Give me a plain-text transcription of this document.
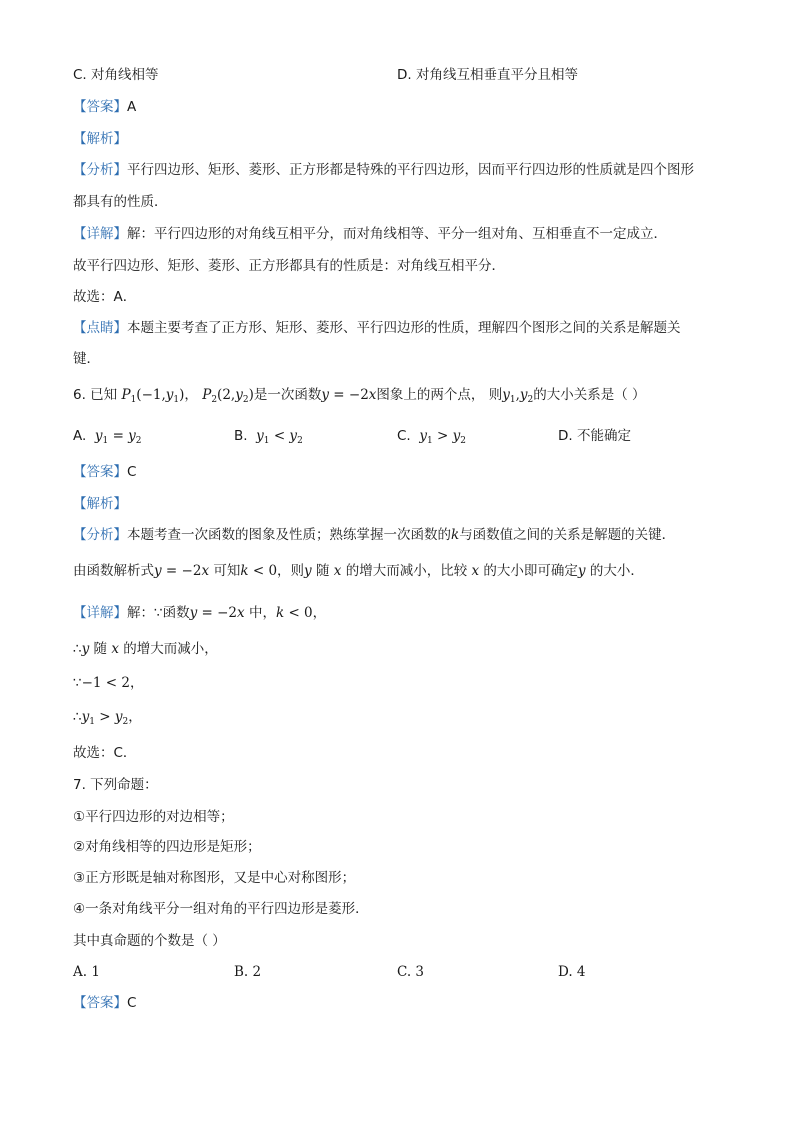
C. 对角线相等	D. 对角线互相垂直平分且相等
【答案】A
【解析】
【分析】平行四边形、矩形、菱形、正方形都是特殊的平行四边形，因而平行四边形的性质就是四个图形
都具有的性质．
【详解】解：平行四边形的对角线互相平分，而对角线相等、平分一组对角、互相垂直不一定成立．
故平行四边形、矩形、菱形、正方形都具有的性质是：对角线互相平分．
故选：A．
【点睛】本题主要考查了正方形、矩形、菱形、平行四边形的性质，理解四个图形之间的关系是解题关
键．
6. 已知 $P_1(-1,y_1)$， $P_2(2,y_2)$是一次函数y = −2x图象上的两个点， 则$y_1,y_2$的大小关系是（ ）
A. $y_1 = y_2$	B. $y_1 < y_2$	C. $y_1 > y_2$	D. 不能确定
【答案】C
【解析】
【分析】本题考查一次函数的图象及性质；熟练掌握一次函数的k与函数值之间的关系是解题的关键．
由函数解析式y = −2x 可知k < 0，则y 随 x 的增大而减小，比较 x 的大小即可确定y 的大小．
【详解】解：∵函数y = −2x 中，k < 0，
∴y 随 x 的增大而减小，
∵−1 < 2，
$\therefore y_1 > y_2$，
故选：C．
7. 下列命题：
①平行四边形的对边相等；
②对角线相等的四边形是矩形；
③正方形既是轴对称图形，又是中心对称图形；
④一条对角线平分一组对角的平行四边形是菱形．
其中真命题的个数是（ ）
A. 1	B. 2	C. 3	D. 4
【答案】C
